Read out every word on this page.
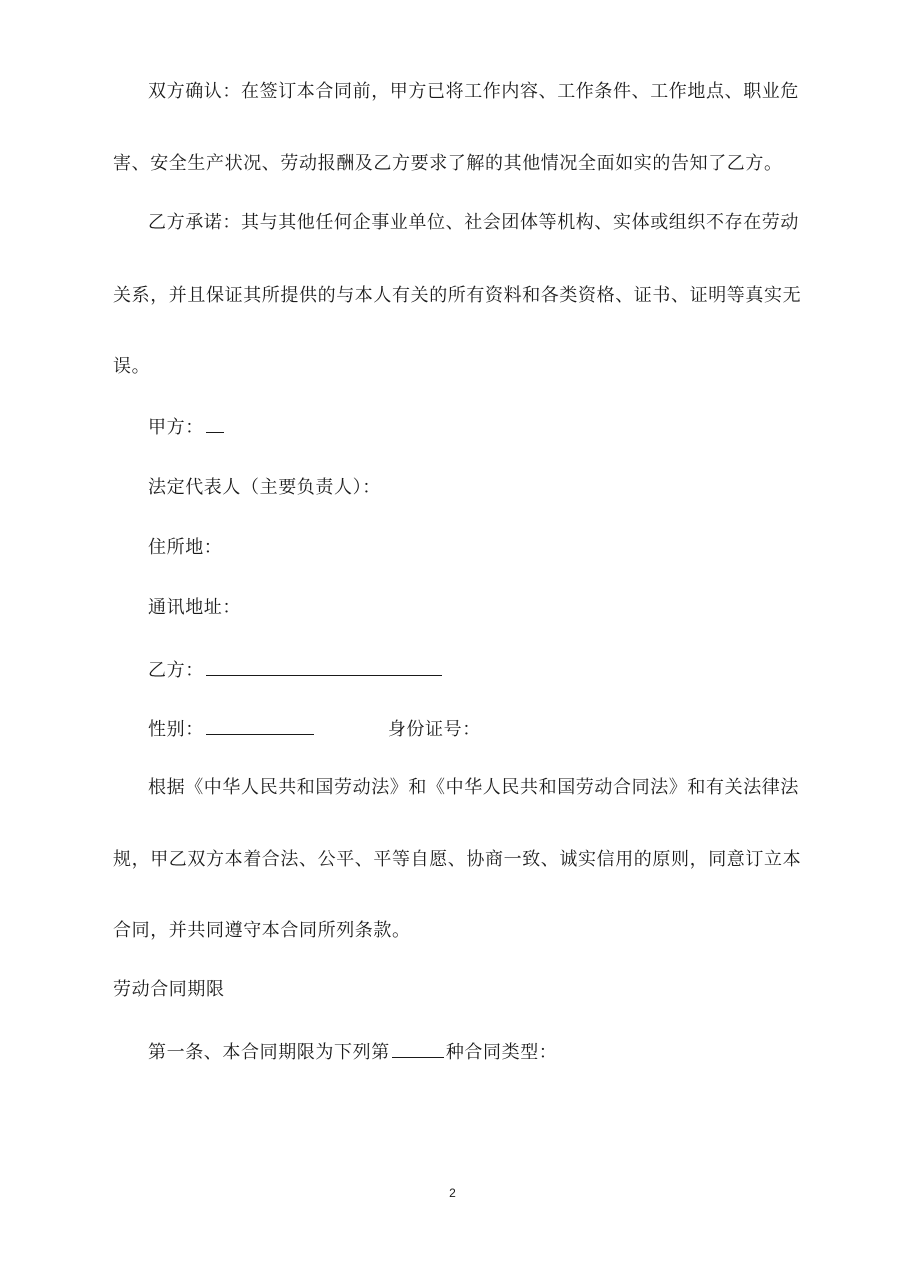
双方确认：在签订本合同前，甲方已将工作内容、工作条件、工作地点、职业危
害、安全生产状况、劳动报酬及乙方要求了解的其他情况全面如实的告知了乙方。
乙方承诺：其与其他任何企事业单位、社会团体等机构、实体或组织不存在劳动
关系，并且保证其所提供的与本人有关的所有资料和各类资格、证书、证明等真实无
误。
甲方：
法定代表人（主要负责人）：
住所地：
通讯地址：
乙方：
性别：	身份证号：
根据《中华人民共和国劳动法》和《中华人民共和国劳动合同法》和有关法律法
规，甲乙双方本着合法、公平、平等自愿、协商一致、诚实信用的原则，同意订立本
合同，并共同遵守本合同所列条款。
劳动合同期限
第一条、本合同期限为下列第	种合同类型：
2
